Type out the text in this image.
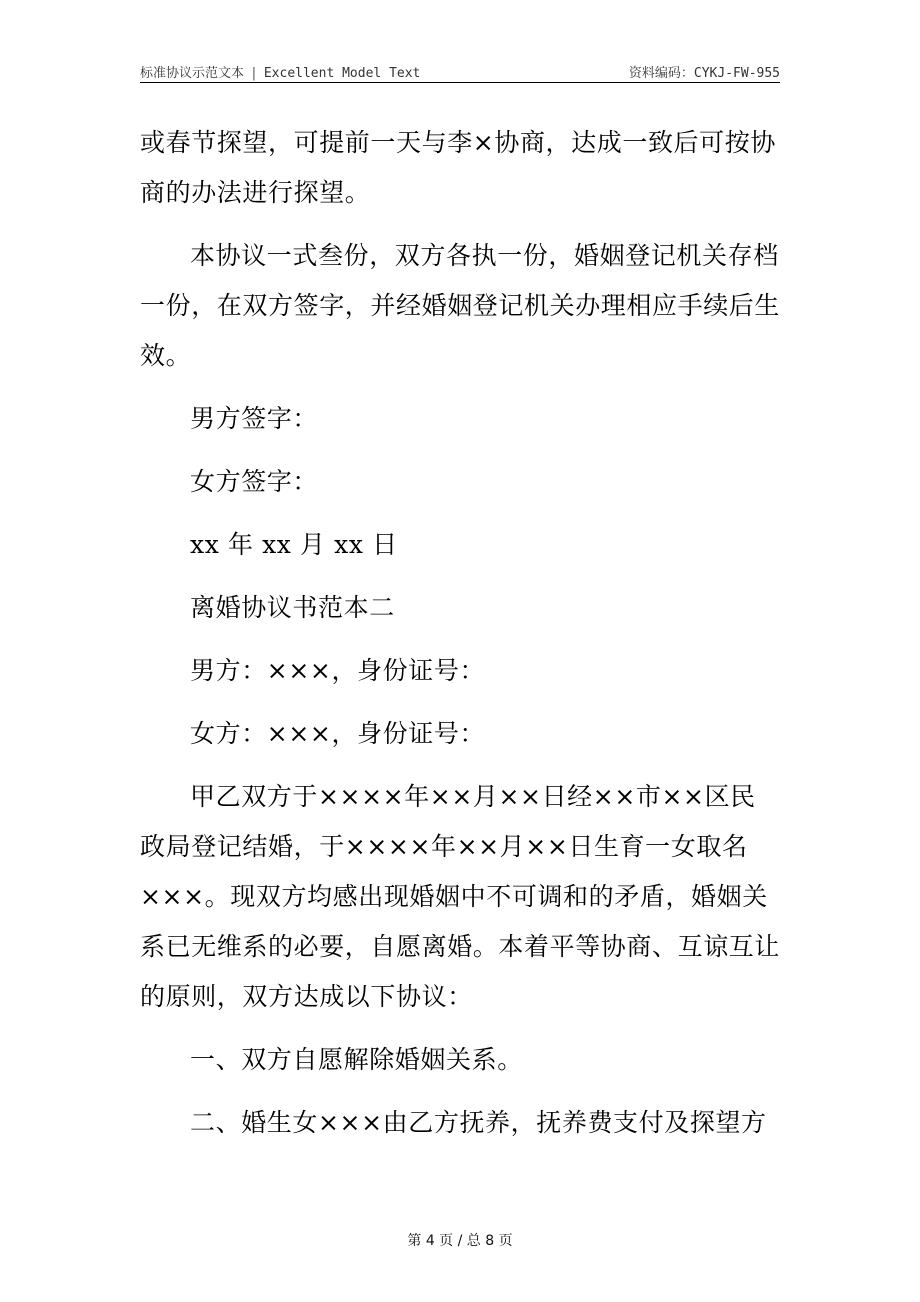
标准协议示范文本 | Excellent Model Text	资料编码：CYKJ-FW-955

或春节探望，可提前一天与李×协商，达成一致后可按协商的办法进行探望。

本协议一式叁份，双方各执一份，婚姻登记机关存档一份，在双方签字，并经婚姻登记机关办理相应手续后生效。

男方签字：

女方签字：

xx 年 xx 月 xx 日

离婚协议书范本二

男方：×××，身份证号：

女方：×××，身份证号：

甲乙双方于××××年××月××日经××市××区民政局登记结婚，于××××年××月××日生育一女取名×××。现双方均感出现婚姻中不可调和的矛盾，婚姻关系已无维系的必要，自愿离婚。本着平等协商、互谅互让的原则，双方达成以下协议：

一、双方自愿解除婚姻关系。

二、婚生女×××由乙方抚养，抚养费支付及探望方

第 4 页 / 总 8 页
